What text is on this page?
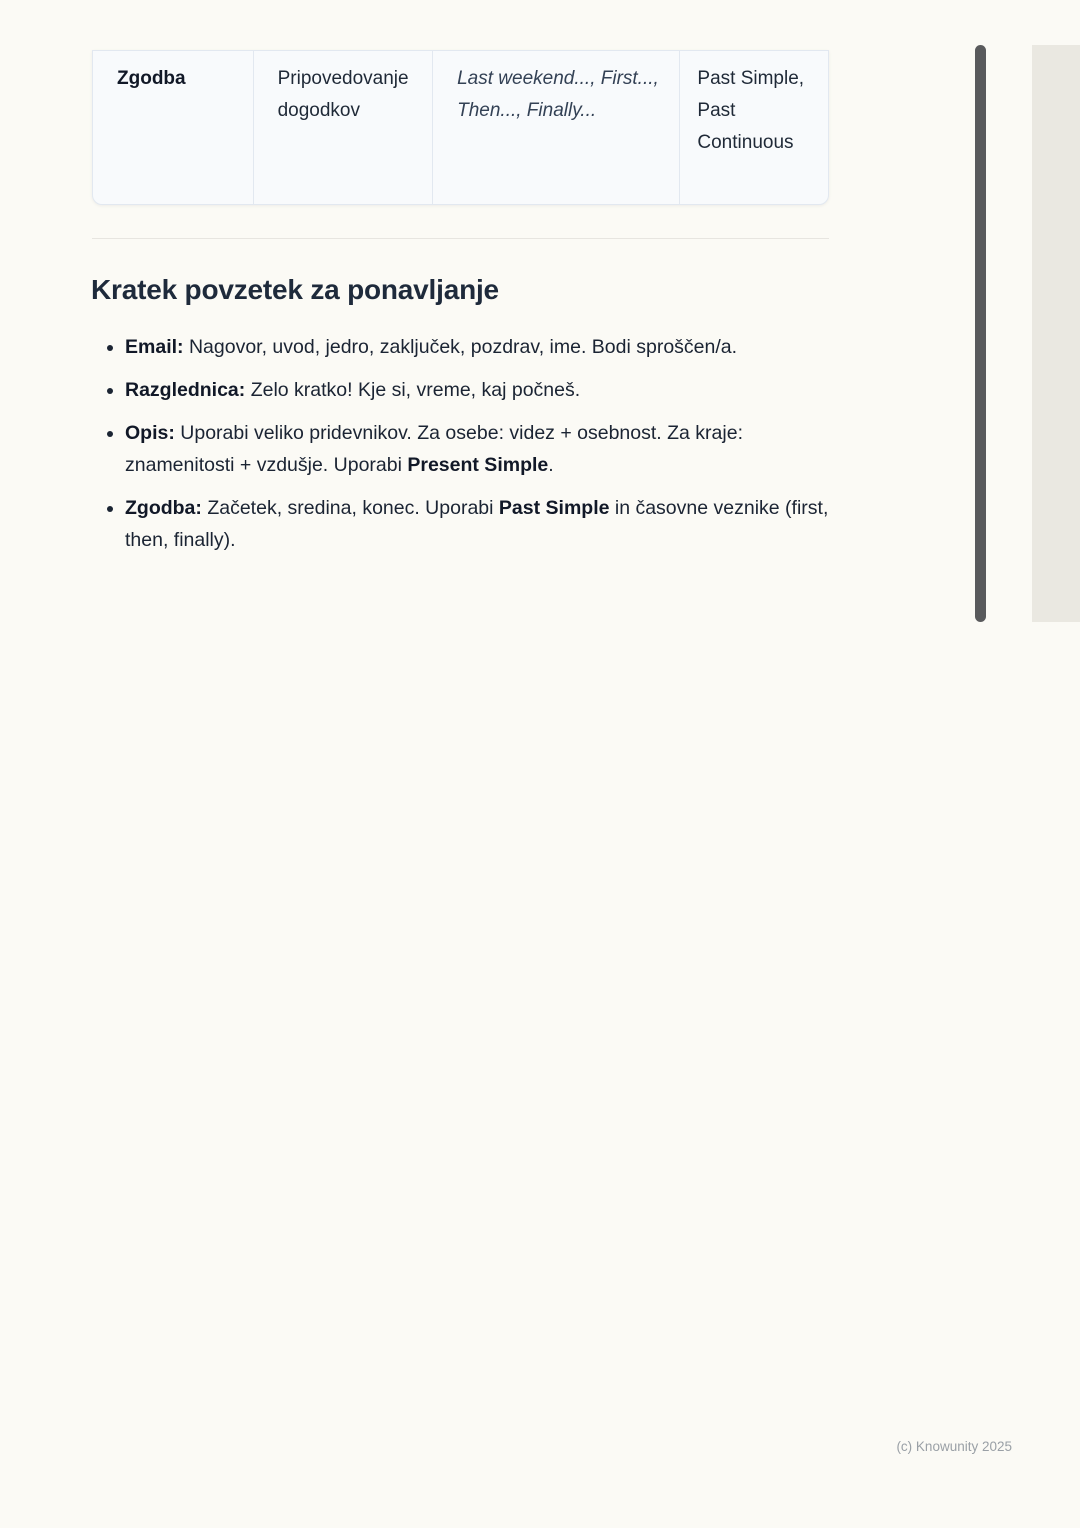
Zgodba	Pripovedovanje dogodkov
Last weekend..., First..., Then..., Finally...
Past Simple, Past Continuous
Kratek povzetek za ponavljanje
• Email: Nagovor, uvod, jedro, zaključek, pozdrav, ime. Bodi sproščen/a.
• Razglednica: Zelo kratko! Kje si, vreme, kaj počneš.
• Opis: Uporabi veliko pridevnikov. Za osebe: videz + osebnost. Za kraje: znamenitosti + vzdušje. Uporabi Present Simple.
• Zgodba: Začetek, sredina, konec. Uporabi Past Simple in časovne veznike (first, then, finally).
(c) Knowunity 2025
